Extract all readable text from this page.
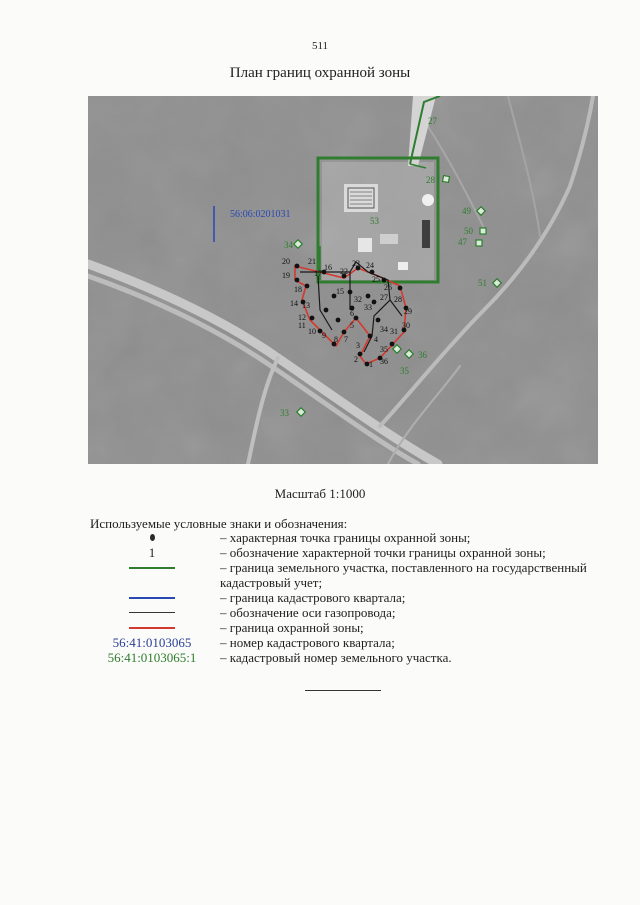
511
План границ охранной зоны
1
2
3
4
5
6
7
8
9
10
11
12
13
14
15
16
17
18
19
20 21
22
23 24
25
26
27 28
29
30
31
32
33
34
35
36
27
28
49
50
47
34
51
36
35
33
53
56:06:0201031
Масштаб 1:1000
Используемые условные знаки и обозначения:
– характерная точка границы охранной зоны;
1	– обозначение характерной точки границы охранной зоны;
– граница земельного участка, поставленного на государственный кадастровый учет;
– граница кадастрового квартала;
– обозначение оси газопровода;
– граница охранной зоны;
56:41:0103065	– номер кадастрового квартала;
56:41:0103065:1	– кадастровый номер земельного участка.
